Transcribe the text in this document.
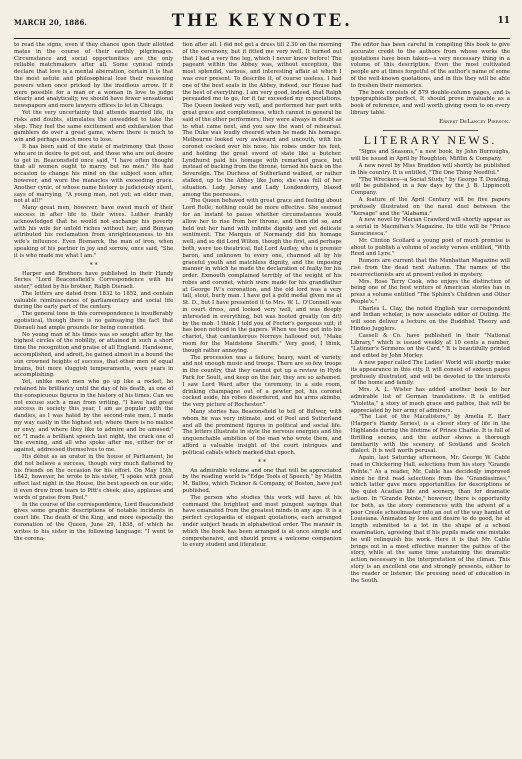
MARCH 20, 1886.	THE KEYNOTE.	11

to read the signs, even if they chance upon their allotted mates in the course of their earthly pilgrimages. Circumstance and social opportunities are the only reliable matchmakers after all. Some cynical minds declare that love is a mental aberration, certain it is that the most astute and philosophical lose their reasoning powers when once pricked by the insidious arrow. If it were possible for a man or a woman in love to judge clearly and analytically, we should have fewer sensational newspapers and more lawyers offices to let in Chicago.

Yet the very uncertainty that attends married life, its risks and doubts, stimulates the unwedded to take the step. They feel the same excitement and exhilaration that gamblers do over a great game, where there is much to win and perhaps much more to lose.

It has been said of the state of matrimony that those who are in desire to get out, and those who are out desire to get in. Beaconsfield once said, "I have often thought that all women ought to marry, but no men." He had occasion to change his mind on the subject soon after, however, and wore the manacles with exceeding grace. Another cynic, of whose name history is judiciously silent, says of marrying, "A young man, not yet; an elder man, not at all!"

Many great men, however, have owed much of their success in after life to their wives. Luther frankly acknowledged that he would not exchange his poverty with his wife for untold riches without her; and Bunyan attributed his reclamation from unrighteousness to his wife's influence. Even Bismarck, the man of iron, when speaking of his partner in joy and sorrow, once said, "She it is who made me what I am."

* *

Harper and Brothers have published in their Handy Series "Lord Beaconsfield's Correspondence with his sister," edited by his brother, Ralph Disraeli.

The letters are dated from 1832 to 1852, and contain valuable reminiscences of parliamentary and social life during the early part of the century.

The general tone in this correspondence is insufferably egotistical, though there is no gainsaying the fact that Disraeli had ample grounds for being conceited.

No young man of his times was so sought after by the highest circles of the nobility, or attained in such a short time the recognition and praise of all England. Handsome, accomplished, and adroit, he gained almost in a bound the sun crowned heights of success, that other men of equal brains, but more sluggish temperaments, were years in accomplishing.

Yet, unlike most men who go up like a rocket, he retained his brilliancy until the day of his death, as one of the conspicuous figures in the history of his times. Can we not excuse such a man from writing, "I have had great success in society this year, I am as popular with the dandies, as I was hated by the second-rate men. I made my way easily in the highest set, where there is no malice or envy, and where they like to admire and be amused;" or, "I made a brilliant speech last night, the crack one of the evening, and all who spoke after me, either for or against, addressed themselves to me.

His début as an orator in the house of Parliament, he did not believe a success, though very much flattered by his friends on the occasion for his effort. On May 15th, 1842, however, he wrote to his sister, "I spoke with great effect last night in the House, the best speech on our side; it even drew from tears to Pitt's cheek; also, applause and words of praise from Peel."

In the course of the correspondence, Lord Beaconsfield gives some graphic descriptions of notable incidents in court life. The death of the King, and more especially the coronation of the Queen, June 29, 1838, of which he writes to his sister in the following language: "I went to the corona-

tion after all. I did not get a dress till 2.30 on the morning of the ceremony, but it fitted me very well. It turned out that I had a very fine leg, which I never knew before! The pageant within the Abbey was, without exception, the most splendid, various, and interesting affair at which I was ever present. To describe it, of course useless. I had one of the best seats in the Abbey, indeed, our House had the best of everything. I am very good, indeed, that Ralph persuaded me to go, for it far exceeded my expectations. The Queen looked very well, and performed her part with great grace and completeness, which cannot in general be said of the other performers; they were always in doubt as to what came next, and you saw the want of rehearsal. The Duke was loudly cheered when he made his homage. Melbourne looked very awkward and uncouth, with his coronet cocked over his nose, his robes under his feet, and holding the great sword of state like a butcher. Lyndhurst paid his homage with remarked grace, but instead of backing from the throne, turned his back on the Sovereign. The Duchess of Sutherland walked, or rather stalked, up to the Abbey like Juno; she was full of her situation. Lady Jersey and Lady Londonderry, blazed among the peeresses.

The Queen behaved with great grace and feeling about Lord Rolle; nothing could be more effective. She seemed for an instant to pause whether circumstances would allow her to rise from her throne, and then did so, and held out her hand with infinite dignity and yet delicate sentiment. The Marquis of Normandy did his homage well, and so did Lord Wilton, though the first, and perhaps both, were too theatrical. But Lord Audley, who is premier baron, and unknown to every one, charmed all by his graceful youth and matchless dignity, and the imposing manner in which he made the declaration of fealty for his order. Exmouth complained terribly of the weight of his robes and coronet, which were made for his grandfather at George IV.'s coronation, and the old lord was a very tall, stout, burly man. I have got a gold medal given me at St. D., but I have presented it to Mrs. W. L. O'Connell was in court dress, and looked very well, and was deeply interested in everything, but was hooted greatly (on dit) by the mob. I think I told you of Fector's gorgeous suit; it has been noticed in the papers. When we two got into his chariot, that cantankerous Norreys hallooed out, "Make room for the Maidstone Sheriffs." Very good, I think, though rather annoying.

The procession was a failure; heavy, want of variety, and not enough music and troops. There are so few troops in the country, that they cannot get up a review in Hyde Park for Soult, and keep on the fair, they are so ashamed. I saw Lord Ward after the ceremony, in a side room, drinking champagne out of a pewter pot, his coronet cocked aside, his robes disordered, and his arms akimbo, the very picture of Rochester."

Many stories has Beaconsfield to tell of Bulwer, with whom he was very intimate, and of Peel and Sutherland and all the prominent figures in political and social life. The letters illustrate in style the nervous energies and the unquenchable ambition of the man who wrote them, and afford a valuable insight of the court intrigues and political cabals which marked that epoch.

* *

An admirable volume and one that will be appreciated by the reading world is "Edge Tools of Speech," by Mattin M. Ballou, which Ticknor & Company, of Boston, have just published.

The person who studies this work will have at his command the brightest and most pungent sayings that have emanated from the greatest minds in any age. It is a perfect cyclopædia of elegant quotations, each arranged under subject heads in alphabetical order. The manner in which the book has been arranged is at once simple and comprehensive, and should prove a welcome companion to every student and literateur.

The editor has been careful in compiling this book to give accurate credit to the authors from whose works the quotations have been taken—a very necessary thing in a volume of this description. Even the most cultivated people are at times forgetful of the author's name of some of the well-known quotations, and in this they will be able to freshen their memories.

The book consists of 579 double-column pages, and is typographically perfect. It should prove invaluable as a book of reference, and well worth giving room to on every library table.

Ernest DeLancey Pierson.
LITERARY NEWS.

"Signs and Seasons," a new book, by John Burroughs, will be issued in April by Houghton, Mifflin & Company.

A new novel by Miss Braddon will shortly be published in this country. It is entitled, "The One Thing Needful."

"The Wreckers—a Social Study," by George T. Dowling, will be published in a few days by the J. B. Lippincott Company.

A feature of the April Century will be five papers profusely illustrated on the naval duel between the "Kersage" and the "Alabama."

A new novel by Marian Crawford will shortly appear as a serial in Macmillan's Magazine. Its title will be "Prince Saracinesca."

Mr. Clinton Scollard a young poet of much promise is about to publish a volume of society verses entitled, "With Reed and Lyre."

Rumors are current that the Manhattan Magazine will rise from the dead next Autumn. The names of the resurrectionists are at present veiled in mystery.

Mrs. Rose Terry Cook, who enjoys the distinction of being one of the best writers of American stories has in press a volume entitled "The Sphinx's Children and Other People's."

Charles L. Clay, the noted English war correspondent and Indian scholar, is now associate editor of Outing. He will soon deliver a lecture on the Buddhist Theory and Hindoo Jugglers.

Cassell & Co. have published in their "National Library," which is issued weekly at 10 cents a number, "Latimer's Sermons on the Card." It is beautifully printed and edited by John Morley.

A new paper called The Ladies' World will shortly make its appearance in this city. It will consist of sixteen pages profusely illustrated, and will be devoted to the interests of the home and family.

Mrs. A. L. Wister has added another book to her admirable list of German translations. It is entitled "Violetta," a story of much grace and pathos, that will be appreciated by her army of admirers.

"The Last of the Macalisters," by Amelia E. Barr (Harper's Handy Series), is a clever story of life in the Highlands during the lifetime of Prince Charlie. It is full of thrilling scenes, and the author shows a thorough familiarity with the scenery of Scotland and Scotch dialect. It is well worth perusal.

Again, last Saturday afternoon, Mr. George W. Cable read in Chickering Hall, selections from his story "Grande Pointe." As a reader, Mr. Cable has decidedly improved since he first read selections from the "Grandissimes," which latter gave more opportunities for descriptions of the quiet Acadian life and scenery, than for dramatic action. In "Grande Pointe," however, there is opportunity for both, as the story commences with the advent of a poor Creole schoolmaster into an out of the way hamlet of Louisiana. Animated by love and desire to do good, he at length submitted to a lot in the shape of a school examination, agreeing that if his pupils made one mistake he will relinquish his work. Here it is that Mr. Cable brings out in a most effective manner the pathos of the story, while at the same time sustaining the dramatic action necessary in the interpretation of the climax. This story is an excellent one and strongly presents, either to the reader or listener, the pressing need of education in the South.
